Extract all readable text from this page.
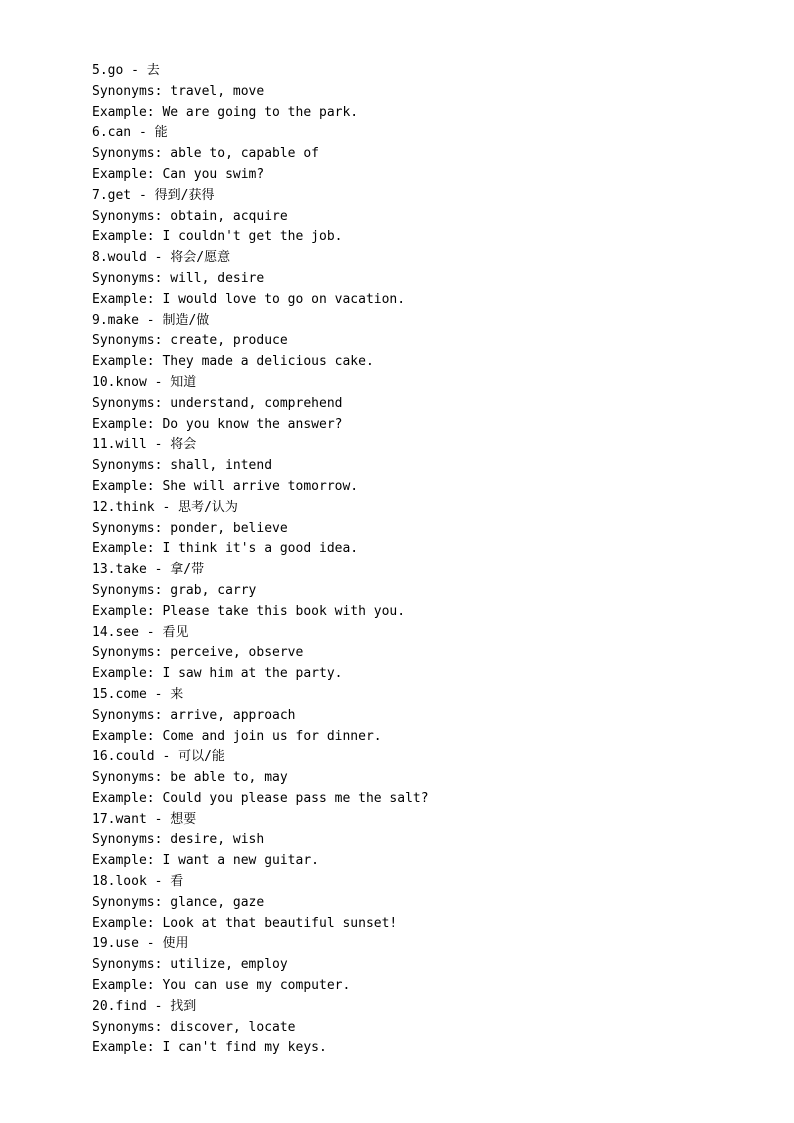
5.go - 去
Synonyms: travel, move
Example: We are going to the park.
6.can - 能
Synonyms: able to, capable of
Example: Can you swim?
7.get - 得到/获得
Synonyms: obtain, acquire
Example: I couldn't get the job.
8.would - 将会/愿意
Synonyms: will, desire
Example: I would love to go on vacation.
9.make - 制造/做
Synonyms: create, produce
Example: They made a delicious cake.
10.know - 知道
Synonyms: understand, comprehend
Example: Do you know the answer?
11.will - 将会
Synonyms: shall, intend
Example: She will arrive tomorrow.
12.think - 思考/认为
Synonyms: ponder, believe
Example: I think it's a good idea.
13.take - 拿/带
Synonyms: grab, carry
Example: Please take this book with you.
14.see - 看见
Synonyms: perceive, observe
Example: I saw him at the party.
15.come - 来
Synonyms: arrive, approach
Example: Come and join us for dinner.
16.could - 可以/能
Synonyms: be able to, may
Example: Could you please pass me the salt?
17.want - 想要
Synonyms: desire, wish
Example: I want a new guitar.
18.look - 看
Synonyms: glance, gaze
Example: Look at that beautiful sunset!
19.use - 使用
Synonyms: utilize, employ
Example: You can use my computer.
20.find - 找到
Synonyms: discover, locate
Example: I can't find my keys.
